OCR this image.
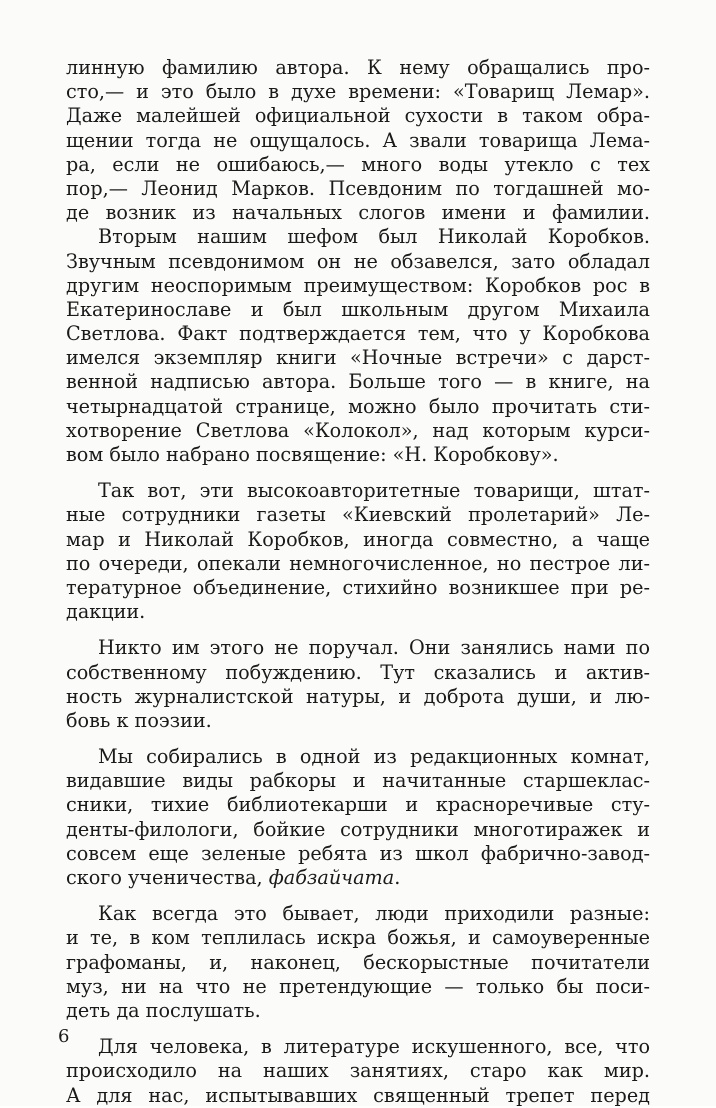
линную фамилию автора. К нему обращались про-
сто,— и это было в духе времени: «Товарищ Лемар».
Даже малейшей официальной сухости в таком обра-
щении тогда не ощущалось. А звали товарища Лема-
ра, если не ошибаюсь,— много воды утекло с тех
пор,— Леонид Марков. Псевдоним по тогдашней мо-
де возник из начальных слогов имени и фамилии.
Вторым нашим шефом был Николай Коробков.
Звучным псевдонимом он не обзавелся, зато обладал
другим неоспоримым преимуществом: Коробков рос в
Екатеринославе и был школьным другом Михаила
Светлова. Факт подтверждается тем, что у Коробкова
имелся экземпляр книги «Ночные встречи» с дарст-
венной надписью автора. Больше того — в книге, на
четырнадцатой странице, можно было прочитать сти-
хотворение Светлова «Колокол», над которым курси-
вом было набрано посвящение: «Н. Коробкову».
Так вот, эти высокоавторитетные товарищи, штат-
ные сотрудники газеты «Киевский пролетарий» Ле-
мар и Николай Коробков, иногда совместно, а чаще
по очереди, опекали немногочисленное, но пестрое ли-
тературное объединение, стихийно возникшее при ре-
дакции.
Никто им этого не поручал. Они занялись нами по
собственному побуждению. Тут сказались и актив-
ность журналистской натуры, и доброта души, и лю-
бовь к поэзии.
Мы собирались в одной из редакционных комнат,
видавшие виды рабкоры и начитанные старшеклас-
сники, тихие библиотекарши и красноречивые сту-
денты-филологи, бойкие сотрудники многотиражек и
совсем еще зеленые ребята из школ фабрично-завод-
ского ученичества, фабзайчата.
Как всегда это бывает, люди приходили разные:
и те, в ком теплилась искра божья, и самоуверенные
графоманы, и, наконец, бескорыстные почитатели
муз, ни на что не претендующие — только бы поси-
деть да послушать.
Для человека, в литературе искушенного, все, что
происходило на наших занятиях, старо как мир.
А для нас, испытывавших священный трепет перед
6
